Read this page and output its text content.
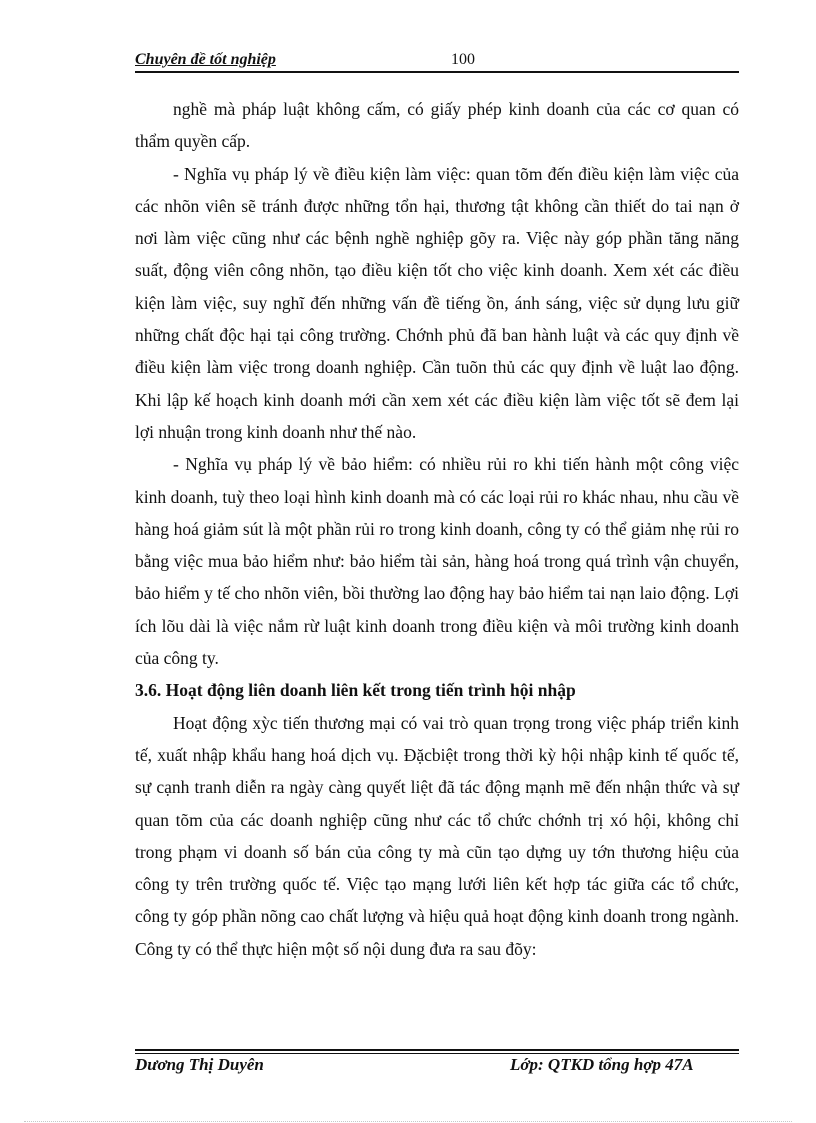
Chuyên đề tốt nghiệp	100

nghề mà pháp luật không cấm, có giấy phép kinh doanh của các cơ quan có thẩm quyền cấp.

- Nghĩa vụ pháp lý về điều kiện làm việc: quan tõm đến điều kiện làm việc của các nhõn viên sẽ tránh được những tổn hại, thương tật không cần thiết do tai nạn ở nơi làm việc cũng như các bệnh nghề nghiệp gõy ra. Việc này góp phần tăng năng suất, động viên công nhõn, tạo điều kiện tốt cho việc kinh doanh. Xem xét các điều kiện làm việc, suy nghĩ đến những vấn đề tiếng ồn, ánh sáng, việc sử dụng lưu giữ những chất độc hại tại công trường. Chớnh phủ đã ban hành luật và các quy định về điều kiện làm việc trong doanh nghiệp. Cần tuõn thủ các quy định về luật lao động. Khi lập kế hoạch kinh doanh mới cần xem xét các điều kiện làm việc tốt sẽ đem lại lợi nhuận trong kinh doanh như thế nào.

- Nghĩa vụ pháp lý về bảo hiểm: có nhiều rủi ro khi tiến hành một công việc kinh doanh, tuỳ theo loại hình kinh doanh mà có các loại rủi ro khác nhau, nhu cầu về hàng hoá giảm sút là một phần rủi ro trong kinh doanh, công ty có thể giảm nhẹ rủi ro bằng việc mua bảo hiểm như: bảo hiểm tài sản, hàng hoá trong quá trình vận chuyển, bảo hiểm y tế cho nhõn viên, bồi thường lao động hay bảo hiểm tai nạn laio động. Lợi ích lõu dài là việc nắm rừ luật kinh doanh trong điều kiện và môi trường kinh doanh của công ty.

3.6. Hoạt động liên doanh liên kết trong tiến trình hội nhập

Hoạt động xỳc tiến thương mại có vai trò quan trọng trong việc pháp triển kinh tế, xuất nhập khẩu hang hoá dịch vụ. Đặcbiệt trong thời kỳ hội nhập kinh tế quốc tế, sự cạnh tranh diễn ra ngày càng quyết liệt đã tác động mạnh mẽ đến nhận thức và sự quan tõm của các doanh nghiệp cũng như các tổ chức chớnh trị xó hội, không chỉ trong phạm vi doanh số bán của công ty mà cũn tạo dựng uy tớn thương hiệu của công ty trên trường quốc tế. Việc tạo mạng lưới liên kết hợp tác giữa các tổ chức, công ty góp phần nõng cao chất lượng và hiệu quả hoạt động kinh doanh trong ngành. Công ty có thể thực hiện một số nội dung đưa ra sau đõy:

Dương Thị Duyên	Lớp: QTKD tổng hợp 47A
